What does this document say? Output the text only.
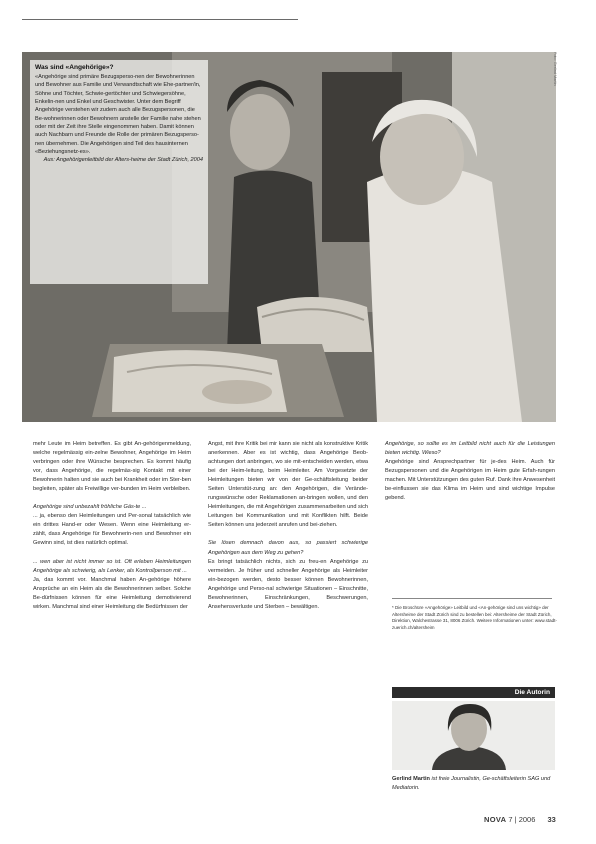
Was sind «Angehörige»?
«Angehörige sind primäre Bezugsperso-nen der Bewohnerinnen und Bewohner aus Familie und Verwandtschaft wie Ehe-partner/in, Söhne und Töchter, Schwie-gertöchter und Schwiegersöhne, Enkelin-nen und Enkel und Geschwister. Unter dem Begriff Angehörige verstehen wir zudem auch alle Bezugspersonen, die Be-wohnerinnen oder Bewohnern anstelle der Familie nahe stehen oder mit der Zeit ihre Stelle eingenommen haben. Damit können auch Nachbarn und Freunde die Rolle der primären Bezugsperso-nen übernehmen. Die Angehörigen sind Teil des hausinternen «Beziehungsnetz-es».
Aus: Angehörigenleitbild der Alters-heime der Stadt Zürich, 2004
Foto: Gerlind Martin

mehr Leute im Heim betreffen. Es gibt An-gehörigenmeldung, welche regelmässig ein-zelne Bewohner, Angehörige im Heim verbringen oder ihre Wünsche besprechen. Es kommt häufig vor, dass Angehörige, die regelmäs-sig Kontakt mit einer Bewohnerin halten und sie auch bei Krankheit oder im Ster-ben begleiten, später als Freiwillige ver-bunden im Heim verbleiben.

Angehörige sind unbezahlt fröhliche Gäs-te ...

... ja, ebenso den Heimleitungen und Per-sonal tatsächlich wie ein drittes Hand-er oder Wesen. Wenn eine Heimleitung er-zählt, dass Angehörige für Bewohnerin-nen und Bewohner ein Gewinn sind, ist dies natürlich optimal.

... wen aber ist nicht immer so ist. Oft erleben Heimleitungen Angehörige als schwierig, als Lenker, als Kontrollperson mit ...

Ja, das kommt vor. Manchmal haben An-gehörige höhere Ansprüche an ein Heim als die Bewohnerinnen selber. Solche Be-dürfnissen können für eine Heimleitung demotivierend wirken. Manchmal sind einer Heimleitung die Bedürfnissen der

Angst, mit ihre Kritik bei mir kann sie nicht als konstruktive Kritik anerkennen. Aber es ist wichtig, dass Angehörige Beob-achtungen dort anbringen, wo sie mit-entscheiden werden, etwa bei der Heim-leitung, beim Heimleiter. Am Vorgesetzte der Heimleitungen bieten wir von der Ge-schäftsleitung beider Seiten Unterstüt-zung an: den Angehörigen, die Verände-rungswünsche oder Reklamationen an-bringen wollen, und den Heimleitungen, die mit Angehörigen zusammenarbeiten und sich Leitungen bei Kommunikation und mit Konflikten hilft. Beide Seiten können uns jederzeit anrufen und bei-ziehen.

Sie lösen demnach davon aus, so passiert schwierige Angehörigen aus dem Weg zu gehen?

Es bringt tatsächlich nichts, sich zu freu-en Angehörige zu vermeiden. Je früher und schneller Angehörige als Heimleiter ein-bezogen werden, desto besser können Bewohnerinnen, Angehörige und Perso-nal schwierige Situationen – Einschnitte, Bewohnerinnen, Einschränkungen, Beschwerungen, Ansehensverluste und Sterben – bewältigen.

Angehörige, so sollte es im Leitbild nicht auch für die Leistungen bieten wichtig. Wieso?

Angehörige sind Ansprechpartner für je-des Heim. Auch für Bezugspersonen und die Angehörigen im Heim gute Erfah-rungen machen. Mit Unterstützungen des guten Ruf. Dank ihre Anwesenheit be-einflussen sie das Klima im Heim und sind wichtige Impulse gebend.

* Die Broschüre «Angehörige» Leitbild und «An-gehörige sind uns wichtig» der Altersheime der Stadt Zürich sind zu bestellen bei: Altersheime der Stadt Zürich, Direktion, Walchestrasse 31, 8006 Zürich. Weitere Informationen unter: www.stadt-zuerich.ch/altersheim
Die Autorin
Gerlind Martin ist freie Journalistin, Ge-schäftsleiterin SAG und Mediatorin.
NOVA 7 | 2006 33
